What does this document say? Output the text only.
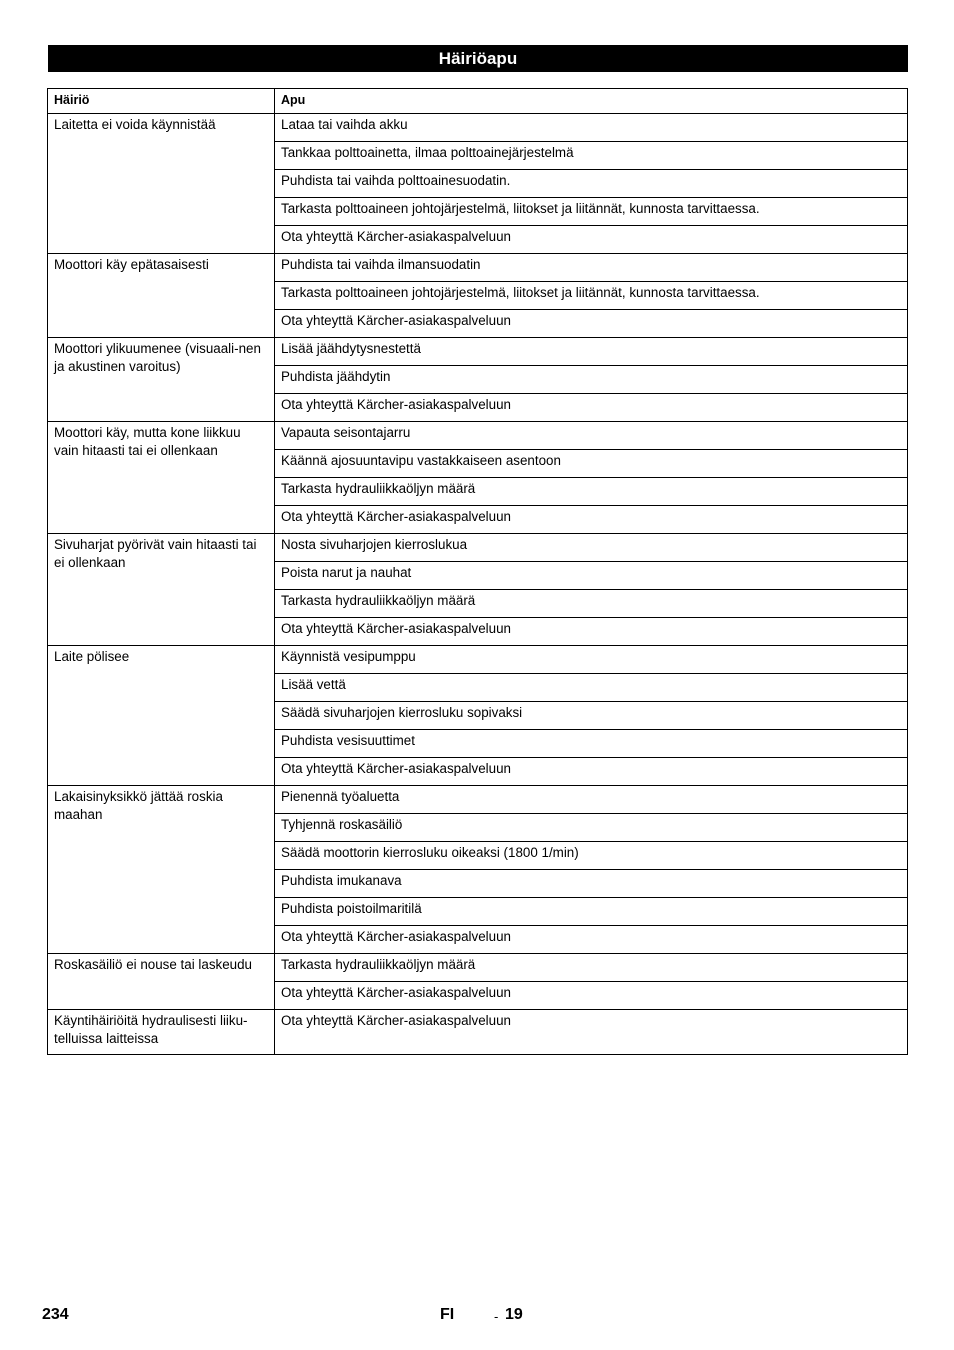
Häiriöapu
Häiriö	Apu
Laitetta ei voida käynnistää	Lataa tai vaihda akku
	Tankkaa polttoainetta, ilmaa polttoainejärjestelmä
	Puhdista tai vaihda polttoainesuodatin.
	Tarkasta polttoaineen johtojärjestelmä, liitokset ja liitännät, kunnosta tarvittaessa.
	Ota yhteyttä Kärcher-asiakaspalveluun
Moottori käy epätasaisesti	Puhdista tai vaihda ilmansuodatin
	Tarkasta polttoaineen johtojärjestelmä, liitokset ja liitännät, kunnosta tarvittaessa.
	Ota yhteyttä Kärcher-asiakaspalveluun
Moottori ylikuumenee (visuaali-nen ja akustinen varoitus)	Lisää jäähdytysnestettä
	Puhdista jäähdytin
	Ota yhteyttä Kärcher-asiakaspalveluun
Moottori käy, mutta kone liikkuu vain hitaasti tai ei ollenkaan	Vapauta seisontajarru
	Käännä ajosuuntavipu vastakkaiseen asentoon
	Tarkasta hydrauliikkaöljyn määrä
	Ota yhteyttä Kärcher-asiakaspalveluun
Sivuharjat pyörivät vain hitaasti tai ei ollenkaan	Nosta sivuharjojen kierroslukua
	Poista narut ja nauhat
	Tarkasta hydrauliikkaöljyn määrä
	Ota yhteyttä Kärcher-asiakaspalveluun
Laite pölisee	Käynnistä vesipumppu
	Lisää vettä
	Säädä sivuharjojen kierrosluku sopivaksi
	Puhdista vesisuuttimet
	Ota yhteyttä Kärcher-asiakaspalveluun
Lakaisinyksikkö jättää roskia maahan	Pienennä työaluetta
	Tyhjennä roskasäiliö
	Säädä moottorin kierrosluku oikeaksi (1800 1/min)
	Puhdista imukanava
	Puhdista poistoilmaritilä
	Ota yhteyttä Kärcher-asiakaspalveluun
Roskasäiliö ei nouse tai laskeudu	Tarkasta hydrauliikkaöljyn määrä
	Ota yhteyttä Kärcher-asiakaspalveluun
Käyntihäiriöitä hydraulisesti liiku-telluissa laitteissa	Ota yhteyttä Kärcher-asiakaspalveluun
234	FI	- 19
